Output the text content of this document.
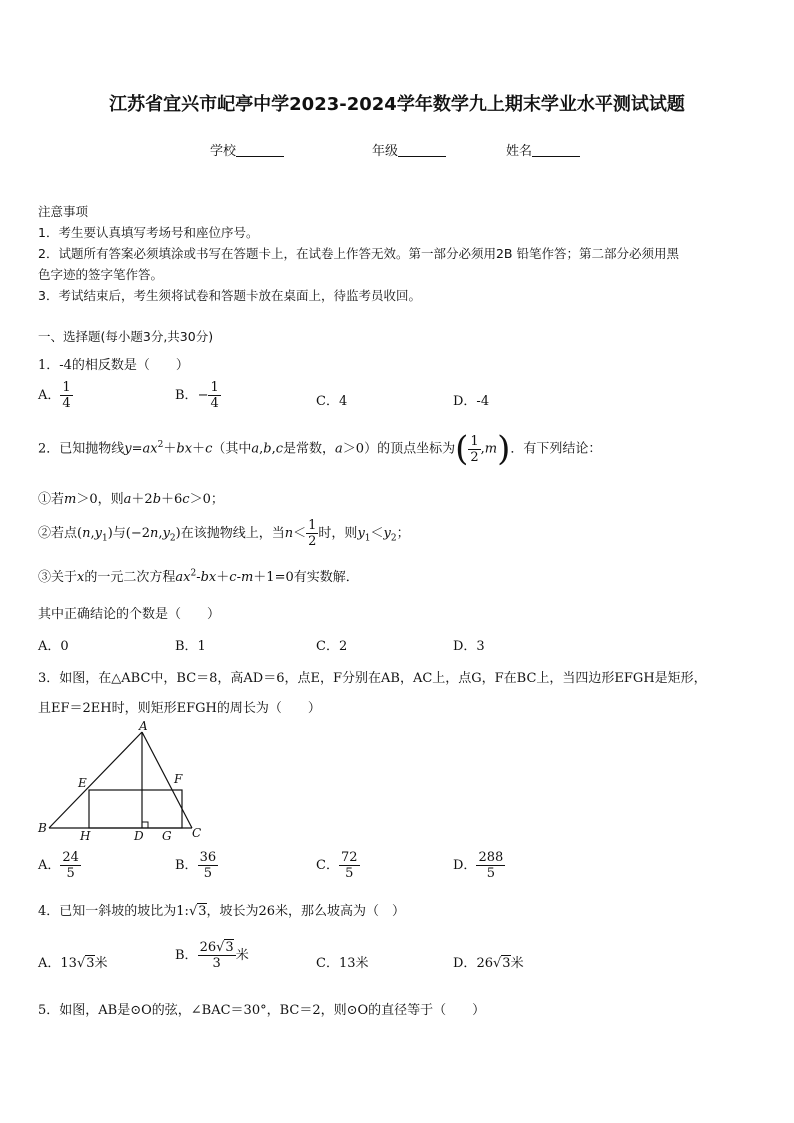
江苏省宜兴市屺亭中学2023-2024学年数学九上期末学业水平测试试题
学校	年级	姓名
注意事项
1．考生要认真填写考场号和座位序号。
2．试题所有答案必须填涂或书写在答题卡上，在试卷上作答无效。第一部分必须用2B 铅笔作答；第二部分必须用黑
色字迹的签字笔作答。
3．考试结束后，考生须将试卷和答题卡放在桌面上，待监考员收回。
一、选择题(每小题3分,共30分)
1．-4的相反数是（　　）
A． $\frac{1}{4}$	B．− $\frac{1}{4}$	C．4	D．-4
2．已知抛物线$y=ax^2+bx+c$（其中a,b,c是常数，a＞0）的顶点坐标为( $\frac{1}{2} ,m$)．有下列结论：
①若m＞0，则a＋2b＋6c＞0；
②若点$(n,y_1)$与$(-2n,y_2)$在该抛物线上，当$n< \frac{1}{2}$ 时，则$y_1<y_2$；
③关于x的一元二次方程$ax^2-bx+c-m+1=0$有实数解．
其中正确结论的个数是（　　）
A．0	B．1	C．2	D．3
3．如图，在△ABC中，BC＝8，高AD＝6，点E，F分别在AB，AC上，点G，F在BC上，当四边形EFGH是矩形，
且EF＝2EH时，则矩形EFGH的周长为（　　）
A
B	C
D
E	F
G
H
A． $\frac{24}{5}$	B． $\frac{36}{5}$	C． $\frac{72}{5}$	D． $\frac{288}{5}$
4．已知一斜坡的坡比为1:√3，坡长为26米，那么坡高为（　）
A．13√3米
B． $\frac{26√3}{3}$ 米
C．13米	D．26√3米
5．如图，AB是⊙O的弦，∠BAC＝30°，BC＝2，则⊙O的直径等于（　　）
